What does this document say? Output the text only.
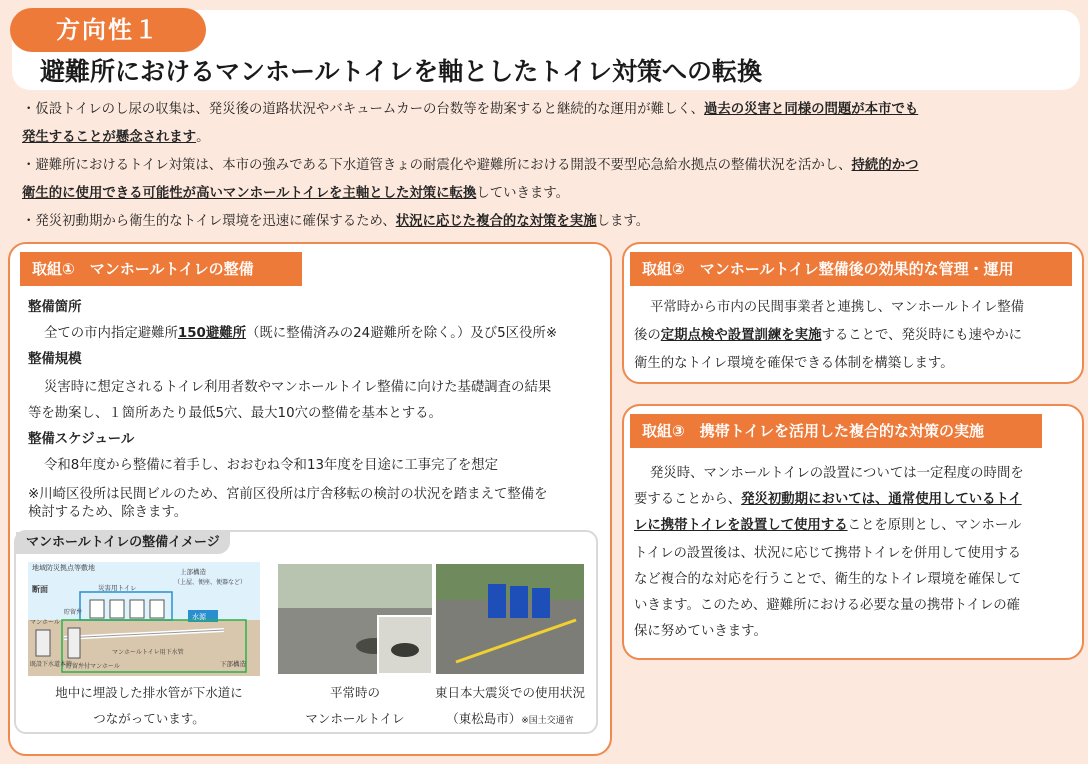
方向性１
避難所におけるマンホールトイレを軸としたトイレ対策への転換
・仮設トイレのし尿の収集は、発災後の道路状況やバキュームカーの台数等を勘案すると継続的な運用が難しく、過去の災害と同様の問題が本市でも
発生することが懸念されます。
・避難所におけるトイレ対策は、本市の強みである下水道管きょの耐震化や避難所における開設不要型応急給水拠点の整備状況を活かし、持続的かつ
衛生的に使用できる可能性が高いマンホールトイレを主軸とした対策に転換していきます。
・発災初動期から衛生的なトイレ環境を迅速に確保するため、状況に応じた複合的な対策を実施します。
取組①　マンホールトイレの整備
整備箇所
全ての市内指定避難所150避難所（既に整備済みの24避難所を除く。）及び5区役所※
整備規模
災害時に想定されるトイレ利用者数やマンホールトイレ整備に向けた基礎調査の結果
等を勘案し、１箇所あたり最低5穴、最大10穴の整備を基本とする。
整備スケジュール
令和8年度から整備に着手し、おおむね令和13年度を目途に工事完了を想定
※川崎区役所は民間ビルのため、宮前区役所は庁舎移転の検討の状況を踏まえて整備を
検討するため、除きます。
マンホールトイレの整備イメージ
地域防災拠点等敷地
断面	災害用トイレ
上部構造
（上屋、便座、便器など）
マンホール
貯留弁
水源
マンホールトイレ用下水管
既設下水道本管
貯留弁付マンホール	下部構造
地中に埋設した排水管が下水道に
つながっています。
平常時の
マンホールトイレ
東日本大震災での使用状況
（東松島市）※国土交通省
取組②　マンホールトイレ整備後の効果的な管理・運用
平常時から市内の民間事業者と連携し、マンホールトイレ整備
後の定期点検や設置訓練を実施することで、発災時にも速やかに
衛生的なトイレ環境を確保できる体制を構築します。
取組③　携帯トイレを活用した複合的な対策の実施
発災時、マンホールトイレの設置については一定程度の時間を
要することから、発災初動期においては、通常使用しているトイ
レに携帯トイレを設置して使用することを原則とし、マンホール
トイレの設置後は、状況に応じて携帯トイレを併用して使用する
など複合的な対応を行うことで、衛生的なトイレ環境を確保して
いきます。このため、避難所における必要な量の携帯トイレの確
保に努めていきます。
